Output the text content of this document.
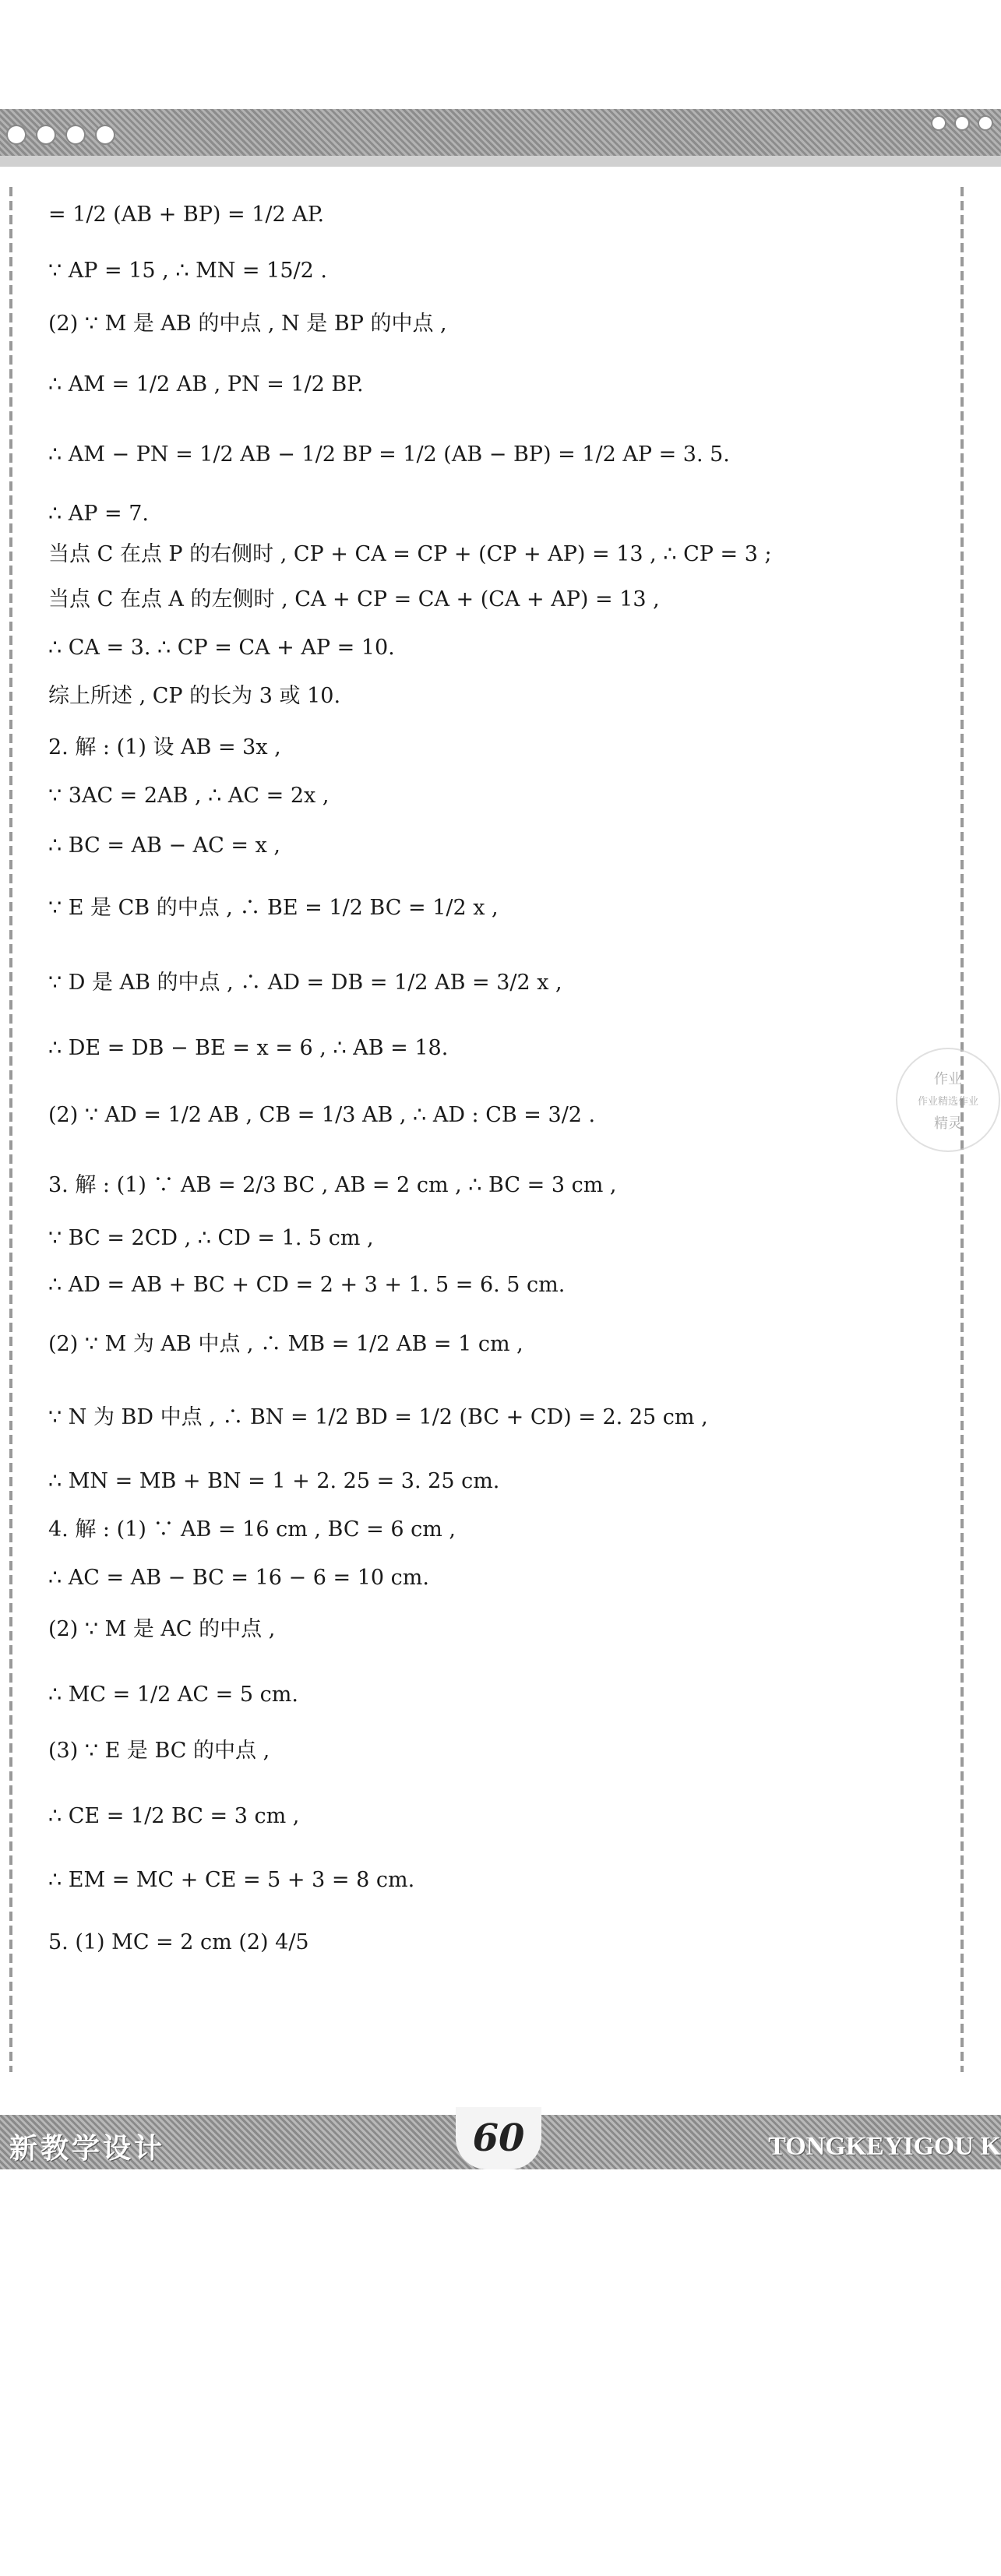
作业
作业精选作业
精灵
= 1/2 (AB + BP) = 1/2 AP.
∵ AP = 15 , ∴ MN = 15/2 .
(2) ∵ M 是 AB 的中点 , N 是 BP 的中点 ,
∴ AM = 1/2 AB , PN = 1/2 BP.
∴ AM − PN = 1/2 AB − 1/2 BP = 1/2 (AB − BP) = 1/2 AP = 3. 5.
∴ AP = 7.
当点 C 在点 P 的右侧时 , CP + CA = CP + (CP + AP) = 13 , ∴ CP = 3 ;
当点 C 在点 A 的左侧时 , CA + CP = CA + (CA + AP) = 13 ,
∴ CA = 3. ∴ CP = CA + AP = 10.
综上所述 , CP 的长为 3 或 10.
2. 解 : (1) 设 AB = 3x ,
∵ 3AC = 2AB , ∴ AC = 2x ,
∴ BC = AB − AC = x ,
∵ E 是 CB 的中点 , ∴ BE = 1/2 BC = 1/2 x ,
∵ D 是 AB 的中点 , ∴ AD = DB = 1/2 AB = 3/2 x ,
∴ DE = DB − BE = x = 6 , ∴ AB = 18.
(2) ∵ AD = 1/2 AB , CB = 1/3 AB , ∴ AD : CB = 3/2 .
3. 解 : (1) ∵ AB = 2/3 BC , AB = 2 cm , ∴ BC = 3 cm ,
∵ BC = 2CD , ∴ CD = 1. 5 cm ,
∴ AD = AB + BC + CD = 2 + 3 + 1. 5 = 6. 5 cm.
(2) ∵ M 为 AB 中点 , ∴ MB = 1/2 AB = 1 cm ,
∵ N 为 BD 中点 , ∴ BN = 1/2 BD = 1/2 (BC + CD) = 2. 25 cm ,
∴ MN = MB + BN = 1 + 2. 25 = 3. 25 cm.
4. 解 : (1) ∵ AB = 16 cm , BC = 6 cm ,
∴ AC = AB − BC = 16 − 6 = 10 cm.
(2) ∵ M 是 AC 的中点 ,
∴ MC = 1/2 AC = 5 cm.
(3) ∵ E 是 BC 的中点 ,
∴ CE = 1/2 BC = 3 cm ,
∴ EM = MC + CE = 5 + 3 = 8 cm.
5. (1) MC = 2 cm (2) 4/5
新教学设计	60	TONGKEYIGOU K
